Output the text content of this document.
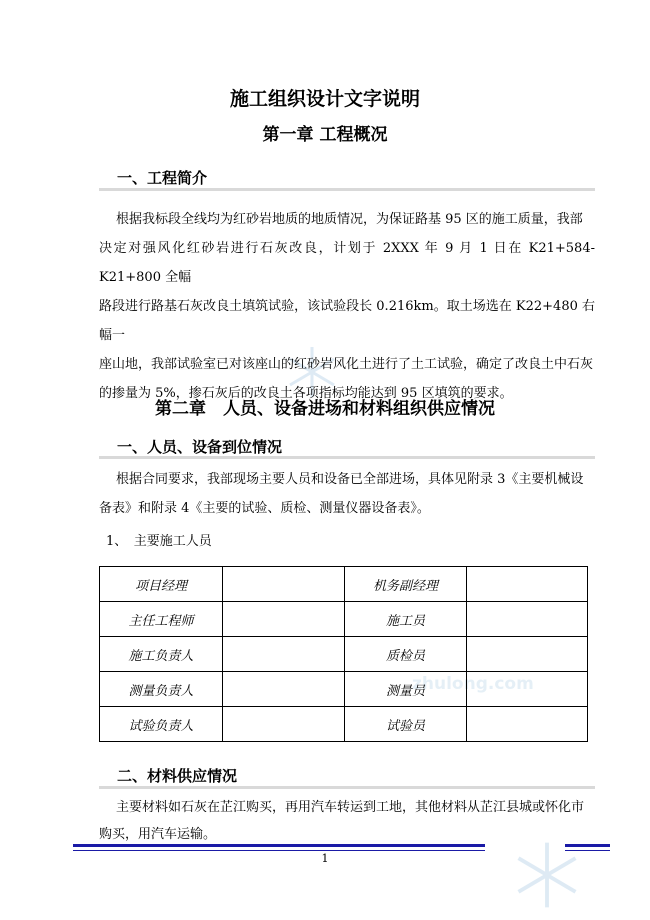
zhulong.com
施工组织设计文字说明
第一章 工程概况
一、工程简介
根据我标段全线均为红砂岩地质的地质情况，为保证路基 95 区的施工质量，我部
决定对强风化红砂岩进行石灰改良，计划于 2XXX 年 9 月 1 日在 K21+584-K21+800 全幅
路段进行路基石灰改良土填筑试验，该试验段长 0.216km。取土场选在 K22+480 右幅一
座山地，我部试验室已对该座山的红砂岩风化土进行了土工试验，确定了改良土中石灰
的掺量为 5%，掺石灰后的改良土各项指标均能达到 95 区填筑的要求。
第二章　人员、设备进场和材料组织供应情况
一、人员、设备到位情况
根据合同要求，我部现场主要人员和设备已全部进场，具体见附录 3《主要机械设
备表》和附录 4《主要的试验、质检、测量仪器设备表》。
1、　主要施工人员
项目经理		机务副经理	
主任工程师		施工员	
施工负责人		质检员	
测量负责人		测量员	
试验负责人		试验员	
二、材料供应情况
主要材料如石灰在芷江购买，再用汽车转运到工地，其他材料从芷江县城或怀化市
购买，用汽车运输。
1
